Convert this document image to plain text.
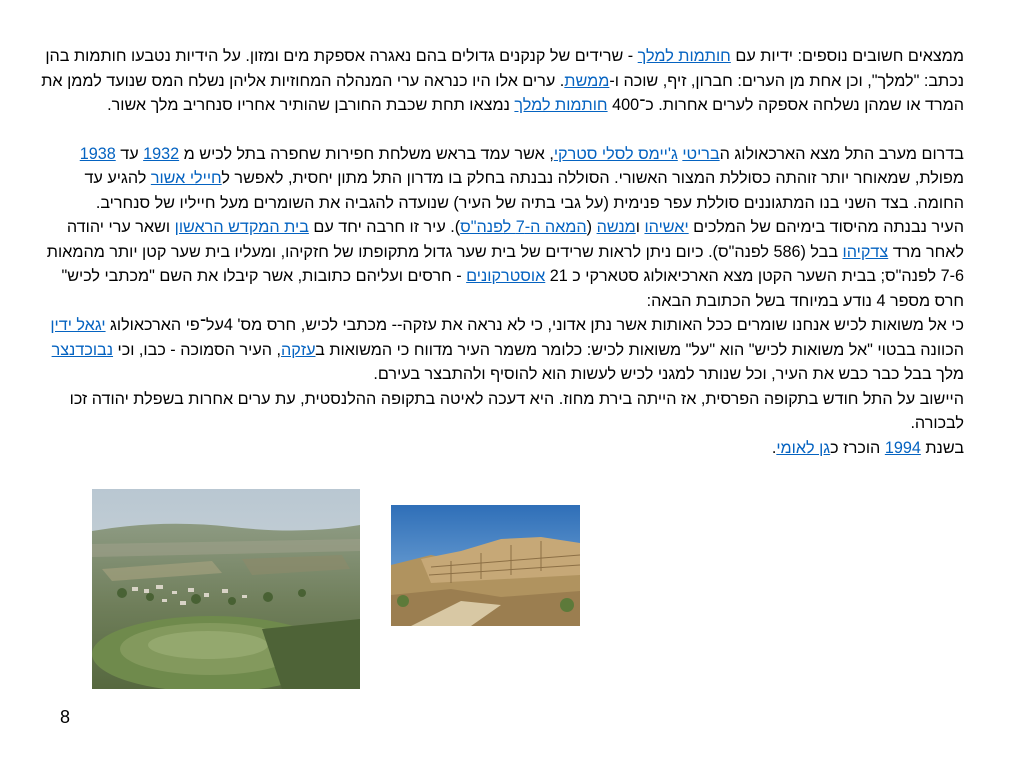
ממצאים חשובים נוספים: ידיות עם חותמות למלך - שרידים של קנקנים גדולים בהם נאגרה אספקת מים ומזון. על הידיות נטבעו חותמות בהן נכתב: "למלך", וכן אחת מן הערים: חברון, זיף, שוכה ו-ממשת. ערים אלו היו כנראה ערי המנהלה המחוזיות אליהן נשלח המס שנועד לממן את המרד או שמהן נשלחה אספקה לערים אחרות. כ־400 חותמות למלך נמצאו תחת שכבת החורבן שהותיר אחריו סנחריב מלך אשור.

בדרום מערב התל מצא הארכאולוג הבריטי ג'יימס לסלי סטרקי, אשר עמד בראש משלחת חפירות שחפרה בתל לכיש מ 1932 עד 1938 מפולת, שמאוחר יותר זוהתה כסוללת המצור האשורי. הסוללה נבנתה בחלק בו מדרון התל מתון יחסית, לאפשר לחיילי אשור להגיע עד החומה. בצד השני בנו המתגוננים סוללת עפר פנימית (על גבי בתיה של העיר) שנועדה להגביה את השומרים מעל חייליו של סנחריב.

העיר נבנתה מהיסוד בימיהם של המלכים יאשיהו ומנשה (המאה ה-7 לפנה"ס). עיר זו חרבה יחד עם בית המקדש הראשון ושאר ערי יהודה לאחר מרד צדקיהו בבל (586 לפנה"ס). כיום ניתן לראות שרידים של בית שער גדול מתקופתו של חזקיהו, ומעליו בית שער קטן יותר מהמאות 7-6 לפנה"ס; בבית השער הקטן מצא הארכיאולוג סטארקי כ 21 אוסטרקונים - חרסים ועליהם כתובות, אשר קיבלו את השם "מכתבי לכיש" חרס מספר 4 נודע במיוחד בשל הכתובת הבאה:

כי אל משואות לכיש אנחנו שומרים ככל האותות אשר נתן אדוני, כי לא נראה את עזקה-- מכתבי לכיש, חרס מס' 4על־פי הארכאולוג יגאל ידין הכוונה בבטוי "אל משואות לכיש" הוא "על" משואות לכיש: כלומר משמר העיר מדווח כי המשואות בעזקה, העיר הסמוכה - כבו, וכי נבוכדנצר מלך בבל כבר כבש את העיר, וכל שנותר למגני לכיש לעשות הוא להוסיף ולהתבצר בעירם.

היישוב על התל חודש בתקופה הפרסית, אז הייתה בירת מחוז. היא דעכה לאיטה בתקופה ההלנסטית, עת ערים אחרות בשפלת יהודה זכו לבכורה.

בשנת 1994 הוכרז כגן לאומי.

8
